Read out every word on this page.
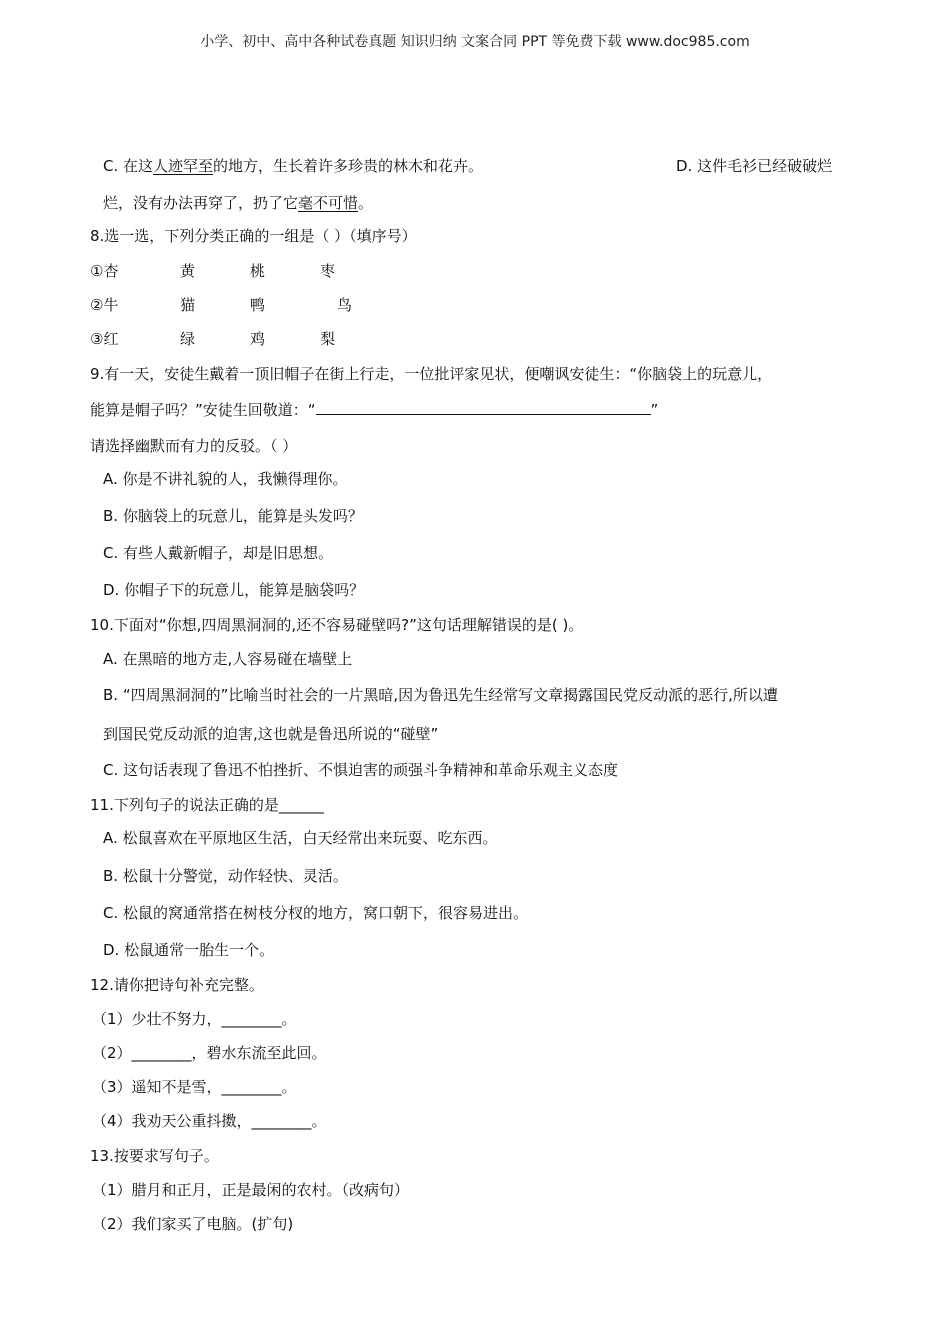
小学、初中、高中各种试卷真题 知识归纳 文案合同 PPT 等免费下载 www.doc985.com
C. 在这人迹罕至的地方，生长着许多珍贵的林木和花卉。	D. 这件毛衫已经破破烂
烂，没有办法再穿了，扔了它毫不可惜。
8.选一选，下列分类正确的一组是（ ）（填序号）
①杏	黄	桃	枣
②牛	猫	鸭	鸟
③红	绿	鸡	梨
9.有一天，安徒生戴着一顶旧帽子在街上行走，一位批评家见状，便嘲讽安徒生：“你脑袋上的玩意儿，
能算是帽子吗？”安徒生回敬道：“	”
请选择幽默而有力的反驳。（ ）
A. 你是不讲礼貌的人，我懒得理你。
B. 你脑袋上的玩意儿，能算是头发吗？
C. 有些人戴新帽子，却是旧思想。
D. 你帽子下的玩意儿，能算是脑袋吗？
10.下面对“你想,四周黑洞洞的,还不容易碰壁吗?”这句话理解错误的是( )。
A. 在黑暗的地方走,人容易碰在墙壁上
B. “四周黑洞洞的”比喻当时社会的一片黑暗,因为鲁迅先生经常写文章揭露国民党反动派的恶行,所以遭
到国民党反动派的迫害,这也就是鲁迅所说的“碰壁”
C. 这句话表现了鲁迅不怕挫折、不惧迫害的顽强斗争精神和革命乐观主义态度
11.下列句子的说法正确的是______
A. 松鼠喜欢在平原地区生活，白天经常出来玩耍、吃东西。
B. 松鼠十分警觉，动作轻快、灵活。
C. 松鼠的窝通常搭在树枝分杈的地方，窝口朝下，很容易进出。
D. 松鼠通常一胎生一个。
12.请你把诗句补充完整。
（1）少壮不努力，________。
（2）________，碧水东流至此回。
（3）遥知不是雪，________。
（4）我劝天公重抖擞，________。
13.按要求写句子。
（1）腊月和正月，正是最闲的农村。（改病句）
（2）我们家买了电脑。(扩句)
